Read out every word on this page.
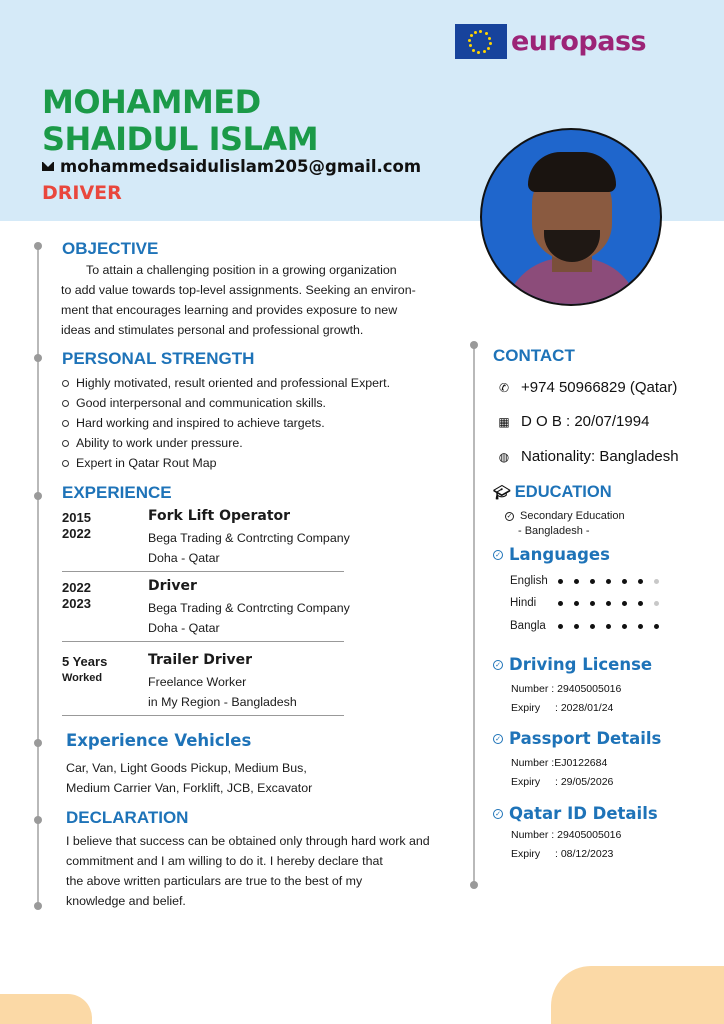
europass
MOHAMMED
SHAIDUL ISLAM
mohammedsaidulislam205@gmail.com
DRIVER
OBJECTIVE
To attain a challenging position in a growing organization
to add value towards top-level assignments. Seeking an environ-
ment that encourages learning and provides exposure to new
ideas and stimulates personal and professional growth.
PERSONAL STRENGTH
Highly motivated, result oriented and professional Expert.
Good interpersonal and communication skills.
Hard working and inspired to achieve targets.
Ability to work under pressure.
Expert in Qatar Rout Map
EXPERIENCE
2015
2022
Fork Lift Operator
Bega Trading & Contrcting Company
Doha - Qatar
2022
2023
Driver
Bega Trading & Contrcting Company
Doha - Qatar
5 Years
Worked
Trailer Driver
Freelance Worker
in My Region - Bangladesh
Experience Vehicles
Car, Van, Light Goods Pickup, Medium Bus,
Medium Carrier Van, Forklift, JCB, Excavator
DECLARATION
I believe that success can be obtained only through hard work and
commitment and I am willing to do it. I hereby declare that
the above written particulars are true to the best of my
knowledge and belief.
CONTACT
✆ +974 50966829 (Qatar)
▦ D O B : 20/07/1994
◍ Nationality: Bangladesh
🎓︎ EDUCATION
✓ Secondary Education
- Bangladesh -
✓ Languages
English
Hindi
Bangla
✓ Driving License
Number : 29405005016
Expiry : 2028/01/24
✓ Passport Details
Number :EJ0122684
Expiry : 29/05/2026
✓ Qatar ID Details
Number : 29405005016
Expiry : 08/12/2023
